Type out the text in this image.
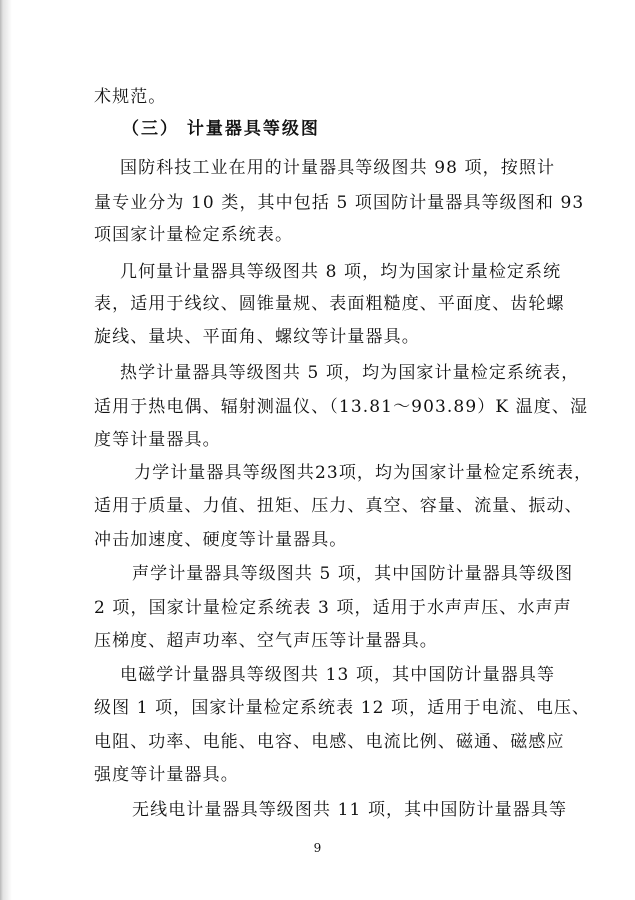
术规范。
（三） 计量器具等级图
国防科技工业在用的计量器具等级图共 98 项，按照计
量专业分为 10 类，其中包括 5 项国防计量器具等级图和 93
项国家计量检定系统表。
几何量计量器具等级图共 8 项，均为国家计量检定系统
表，适用于线纹、圆锥量规、表面粗糙度、平面度、齿轮螺
旋线、量块、平面角、螺纹等计量器具。
热学计量器具等级图共 5 项，均为国家计量检定系统表，
适用于热电偶、辐射测温仪、（13.81～903.89）K 温度、湿
度等计量器具。
力学计量器具等级图共23项，均为国家计量检定系统表，
适用于质量、力值、扭矩、压力、真空、容量、流量、振动、
冲击加速度、硬度等计量器具。
声学计量器具等级图共 5 项，其中国防计量器具等级图
2 项，国家计量检定系统表 3 项，适用于水声声压、水声声
压梯度、超声功率、空气声压等计量器具。
电磁学计量器具等级图共 13 项，其中国防计量器具等
级图 1 项，国家计量检定系统表 12 项，适用于电流、电压、
电阻、功率、电能、电容、电感、电流比例、磁通、磁感应
强度等计量器具。
无线电计量器具等级图共 11 项，其中国防计量器具等
9
